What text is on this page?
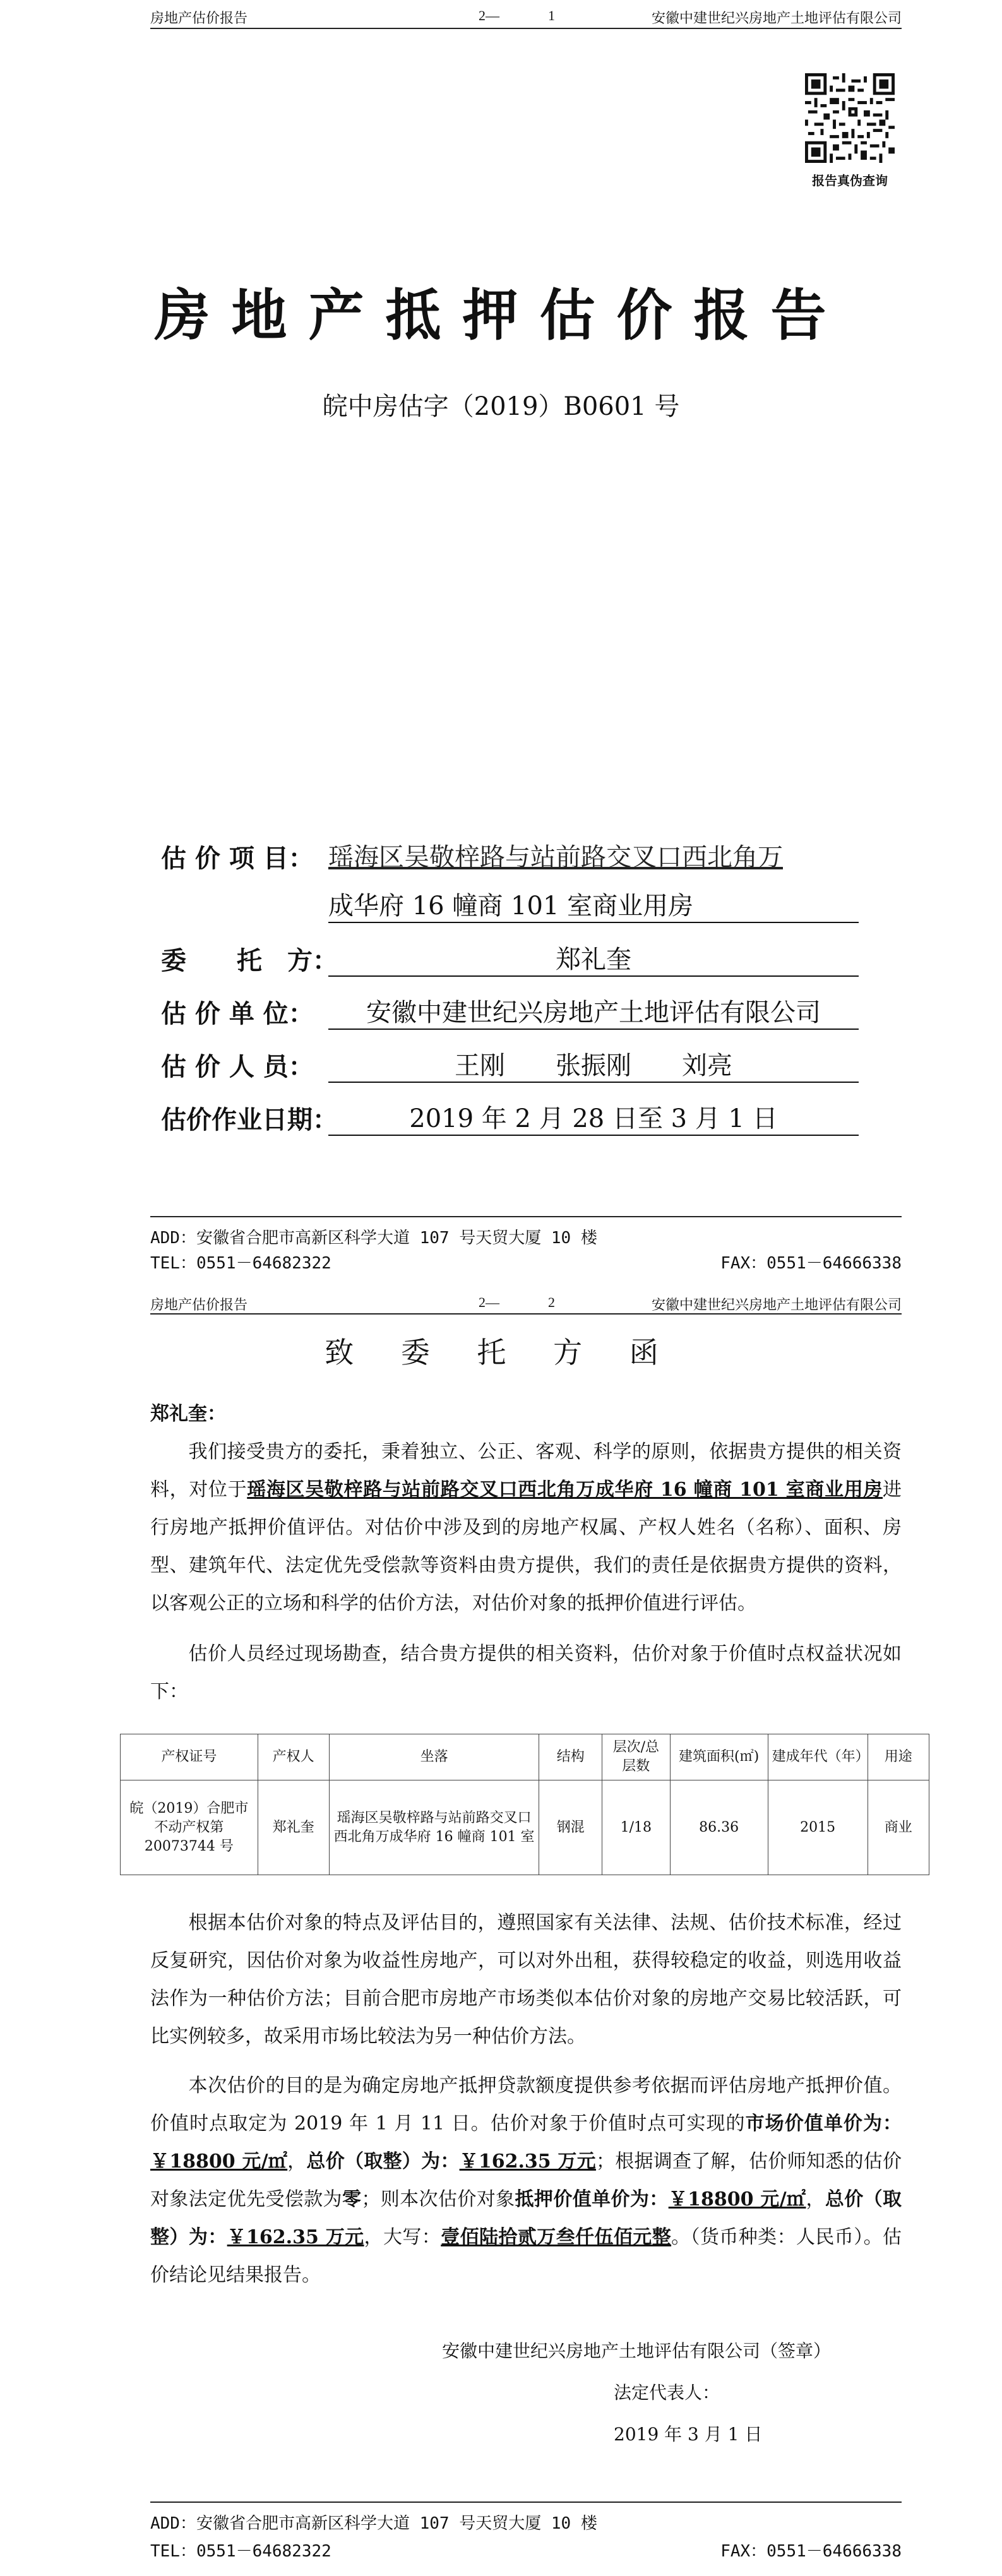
房地产估价报告	2—	1	安徽中建世纪兴房地产土地评估有限公司
报告真伪查询
房地产抵押估价报告
皖中房估字（2019）B0601 号
估 价 项 目： 瑶海区吴敬梓路与站前路交叉口西北角万
成华府 16 幢商 101 室商业用房
委　　托　方：	郑礼奎
估 价 单 位：	安徽中建世纪兴房地产土地评估有限公司
估 价 人 员：	王刚　　张振刚　　刘亮
估价作业日期：	2019 年 2 月 28 日至 3 月 1 日
ADD：安徽省合肥市高新区科学大道 107 号天贸大厦 10 楼
TEL：0551－64682322	FAX：0551－64666338
房地产估价报告	2—	2	安徽中建世纪兴房地产土地评估有限公司
致 委 托 方 函
郑礼奎：
我们接受贵方的委托，秉着独立、公正、客观、科学的原则，依据贵方提供的相关资料，对位于瑶海区吴敬梓路与站前路交叉口西北角万成华府 16 幢商 101 室商业用房进行房地产抵押价值评估。对估价中涉及到的房地产权属、产权人姓名（名称）、面积、房型、建筑年代、法定优先受偿款等资料由贵方提供，我们的责任是依据贵方提供的资料，以客观公正的立场和科学的估价方法，对估价对象的抵押价值进行评估。
估价人员经过现场勘查，结合贵方提供的相关资料，估价对象于价值时点权益状况如下：
产权证号	产权人	坐落	结构	层次/总层数	建筑面积(㎡)	建成年代（年）	用途
皖（2019）合肥市不动产权第 20073744 号	郑礼奎	瑶海区吴敬梓路与站前路交叉口西北角万成华府 16 幢商 101 室	钢混	1/18	86.36	2015	商业
根据本估价对象的特点及评估目的，遵照国家有关法律、法规、估价技术标准，经过反复研究，因估价对象为收益性房地产，可以对外出租，获得较稳定的收益，则选用收益法作为一种估价方法；目前合肥市房地产市场类似本估价对象的房地产交易比较活跃，可比实例较多，故采用市场比较法为另一种估价方法。
本次估价的目的是为确定房地产抵押贷款额度提供参考依据而评估房地产抵押价值。价值时点取定为 2019 年 1 月 11 日。估价对象于价值时点可实现的市场价值单价为：￥18800 元/㎡，总价（取整）为：￥162.35 万元；根据调查了解，估价师知悉的估价对象法定优先受偿款为零；则本次估价对象抵押价值单价为：￥18800 元/㎡，总价（取整）为：￥162.35 万元，大写：壹佰陆拾贰万叁仟伍佰元整。（货币种类：人民币）。估价结论见结果报告。
安徽中建世纪兴房地产土地评估有限公司（签章）
法定代表人：
2019 年 3 月 1 日
ADD：安徽省合肥市高新区科学大道 107 号天贸大厦 10 楼
TEL：0551－64682322	FAX：0551－64666338
